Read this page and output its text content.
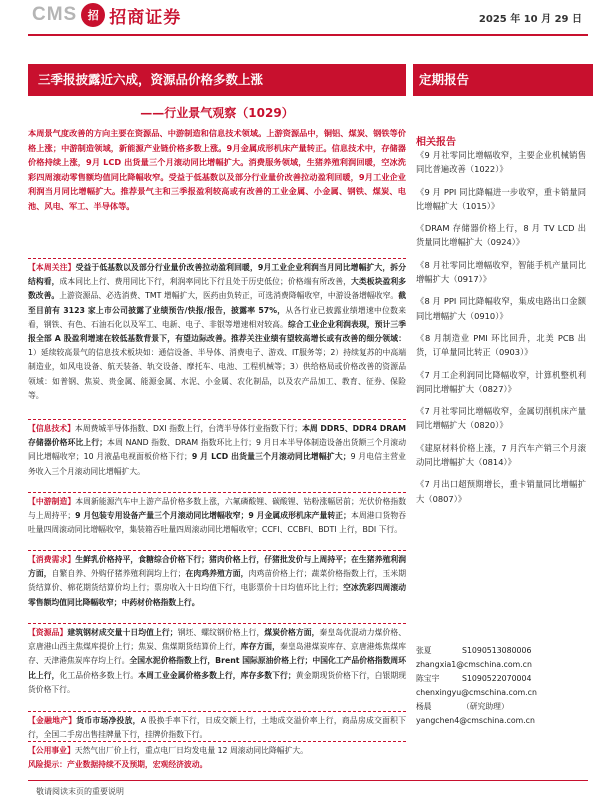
CMS 招 招商证券	2025 年 10 月 29 日
三季报披露近六成，资源品价格多数上涨	定期报告
——行业景气观察（1029）
本周景气度改善的方向主要在资源品、中游制造和信息技术领域。上游资源品中，铜铝、煤炭、钢铁等价格上涨；中游制造领域，新能源产业链价格多数上涨。9月金属成形机床产量转正。信息技术中，存储器价格持续上涨，9月 LCD 出货量三个月滚动同比增幅扩大。消费服务领域，生猪养殖利润回暖，空冰洗彩四周滚动零售额均值同比降幅收窄。受益于低基数以及部分行业量价改善拉动盈利回暖，9月工业企业利润当月同比增幅扩大。推荐景气主和三季报盈利较高或有改善的工业金属、小金属、钢铁、煤炭、电池、风电、军工、半导体等。
【本周关注】受益于低基数以及部分行业量价改善拉动盈利回暖，9月工业企业利润当月同比增幅扩大，拆分结构看，成本同比上行、费用同比下行，利润率同比下行且处于历史低位；价格端有所改善，大类板块盈利多数改善。上游资源品、必选消费、TMT 增幅扩大，医药由负转正，可选消费降幅收窄，中游设备增幅收窄。截至目前有 3123 家上市公司披露了业绩预告/快报/报告，披露率 57%，从各行业已披露业绩增速中位数来看，钢铁、有色、石油石化以及军工、电新、电子、非银等增速相对较高。综合工业企业利润表现，预计三季报全部 A 股盈利增速在较低基数背景下，有望边际改善。推荐关注业绩有望较高增长或有改善的细分领域：1）延续较高景气的信息技术板块如：通信设备、半导体、消费电子、游戏、IT服务等；2）持续复苏的中高端制造业，如风电设备、航天装备、轨交设备、摩托车、电池、工程机械等；3）供给格局或价格改善的资源品领域：如普钢、焦炭、贵金属、能源金属、水泥、小金属、农化制品，以及农产品加工、教育、征券、保险等。
【信息技术】本周费城半导体指数、DXI 指数上行，台湾半导体行业指数下行；本周 DDR5、DDR4 DRAM 存储器价格环比上行；本周 NAND 指数、DRAM 指数环比上行；9 月日本半导体制造设备出货额三个月滚动同比增幅收窄；10 月液晶电视面板价格下行；9 月 LCD 出货量三个月滚动同比增幅扩大；9 月电信主营业务收入三个月滚动同比增幅扩大。
【中游制造】本周新能源汽车中上游产品价格多数上涨，六氟磷酸锂、碳酸锂、钴粉涨幅居前；光伏价格指数与上周持平；9 月包装专用设备产量三个月滚动同比增幅收窄；9 月金属成形机床产量转正；本周港口货物吞吐量四周滚动同比增幅收窄，集装箱吞吐量四周滚动同比增幅收窄；CCFI、CCBFI、BDTI 上行，BDI 下行。
【消费需求】生鲜乳价格持平，食糖综合价格下行；猪肉价格上行，仔猪批发价与上周持平；在生猪养殖利润方面，自繁自养、外购仔猪养殖利润均上行；在肉鸡养殖方面，肉鸡苗价格上行；蔬菜价格指数上行，玉米期货结算价、棉花期货结算价均上行；票房收入十日均值下行，电影票价十日均值环比上行；空冰洗彩四周滚动零售额均值同比降幅收窄；中药材价格指数上行。
【资源品】建筑钢材成交量十日均值上行；钢坯、螺纹钢价格上行，煤炭价格方面，秦皇岛优混动力煤价格、京唐港山西主焦煤库提价上行；焦炭、焦煤期货结算价上行，库存方面，秦皇岛港煤炭库存、京唐港炼焦煤库存、天津港焦炭库存均上行。全国水泥价格指数上行，Brent 国际原油价格上行；中国化工产品价格指数周环比上行，化工品价格多数上行。本周工业金属价格多数上行，库存多数下行；黄金期现货价格下行，白银期现货价格下行。
【金融地产】货币市场净投放，A 股换手率下行，日成交额上行，土地成交溢价率上行，商品房成交面积下行，全国二手房出售挂牌量下行，挂牌价指数下行。
【公用事业】天然气出厂价上行，重点电厂日均发电量 12 周滚动同比降幅扩大。
风险提示：产业数据持续不及预期，宏观经济波动。
相关报告
《9 月社零同比增幅收窄，主要企业机械销售同比普遍改善（1022）》
《9 月 PPI 同比降幅进一步收窄，重卡销量同比增幅扩大（1015）》
《DRAM 存储器价格上行，8 月 TV LCD 出货量同比增幅扩大（0924）》
《8 月社零同比增幅收窄，智能手机产量同比增幅扩大（0917）》
《8 月 PPI 同比降幅收窄，集成电路出口金额同比增幅扩大（0910）》
《8 月制造业 PMI 环比回升，北美 PCB 出货，订单量同比转正（0903）》
《7 月工企利润同比降幅收窄，计算机整机利润同比增幅扩大（0827）》
《7 月社零同比增幅收窄，金属切削机床产量同比增幅扩大（0820）》
《建原材料价格上涨，7 月汽车产销三个月滚动同比增幅扩大（0814）》
《7 月出口超预期增长，重卡销量同比增幅扩大（0807）》
张夏	S1090513080006
zhangxia1@cmschina.com.cn
陈宝宇	S1090522070004
chenxingyu@cmschina.com.cn
杨晨	（研究助理）
yangchen4@cmschina.com.cn
敬请阅读末页的重要说明
